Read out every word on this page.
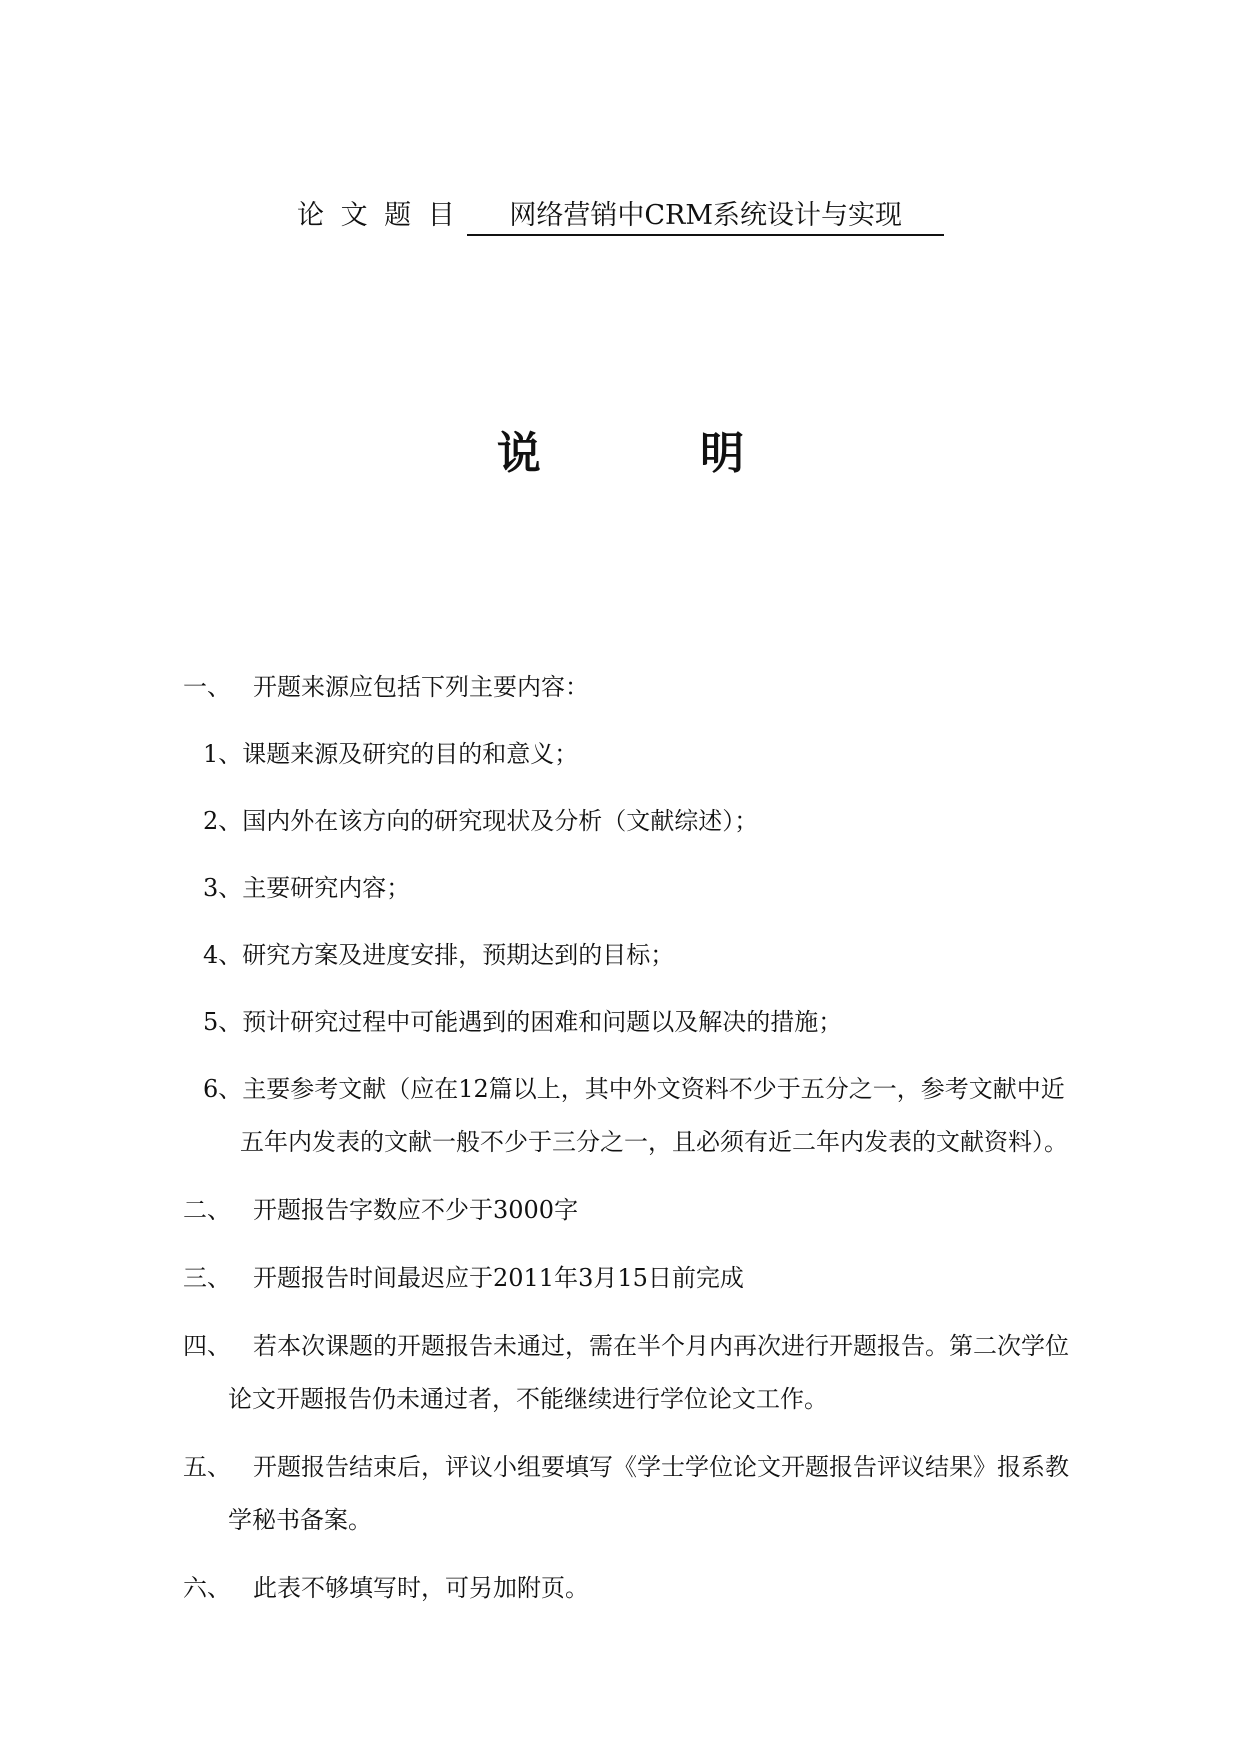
论 文 题 目 网络营销中CRM系统设计与实现
说	明
一、 开题来源应包括下列主要内容：
1、课题来源及研究的目的和意义；
2、国内外在该方向的研究现状及分析（文献综述）；
3、主要研究内容；
4、研究方案及进度安排，预期达到的目标；
5、预计研究过程中可能遇到的困难和问题以及解决的措施；
6、主要参考文献（应在12篇以上，其中外文资料不少于五分之一，参考文献中近
五年内发表的文献一般不少于三分之一，且必须有近二年内发表的文献资料）。
二、 开题报告字数应不少于3000字
三、 开题报告时间最迟应于2011年3月15日前完成
四、 若本次课题的开题报告未通过，需在半个月内再次进行开题报告。第二次学位
论文开题报告仍未通过者，不能继续进行学位论文工作。
五、 开题报告结束后，评议小组要填写《学士学位论文开题报告评议结果》报系教
学秘书备案。
六、 此表不够填写时，可另加附页。
